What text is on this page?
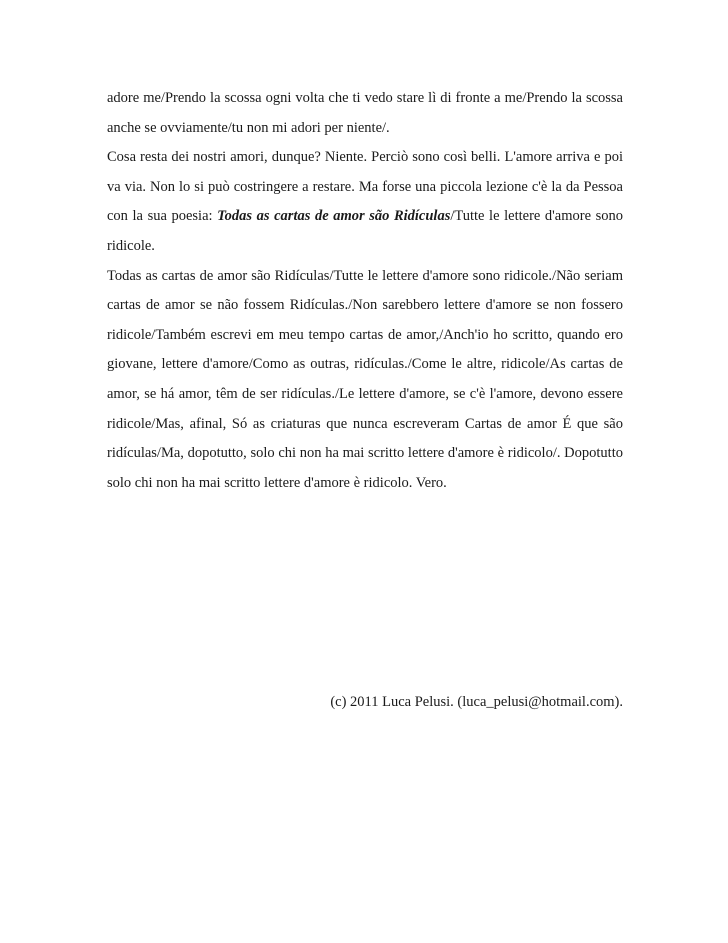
adore me/Prendo la scossa ogni volta che ti vedo stare lì di fronte a me/Prendo la scossa anche se ovviamente/tu non mi adori per niente/.

Cosa resta dei nostri amori, dunque? Niente. Perciò sono così belli. L'amore arriva e poi va via. Non lo si può costringere a restare. Ma forse una piccola lezione c'è la da Pessoa con la sua poesia: Todas as cartas de amor são Ridículas/Tutte le lettere d'amore sono ridicole.

Todas as cartas de amor são Ridículas/Tutte le lettere d'amore sono ridicole./Não seriam cartas de amor se não fossem Ridículas./Non sarebbero lettere d'amore se non fossero ridicole/Também escrevi em meu tempo cartas de amor,/Anch'io ho scritto, quando ero giovane, lettere d'amore/Como as outras, ridículas./Come le altre, ridicole/As cartas de amor, se há amor, têm de ser ridículas./Le lettere d'amore, se c'è l'amore, devono essere ridicole/Mas, afinal, Só as criaturas que nunca escreveram Cartas de amor É que são ridículas/Ma, dopotutto, solo chi non ha mai scritto lettere d'amore è ridicolo/. Dopotutto solo chi non ha mai scritto lettere d'amore è ridicolo. Vero.

(c) 2011 Luca Pelusi. (luca_pelusi@hotmail.com).
